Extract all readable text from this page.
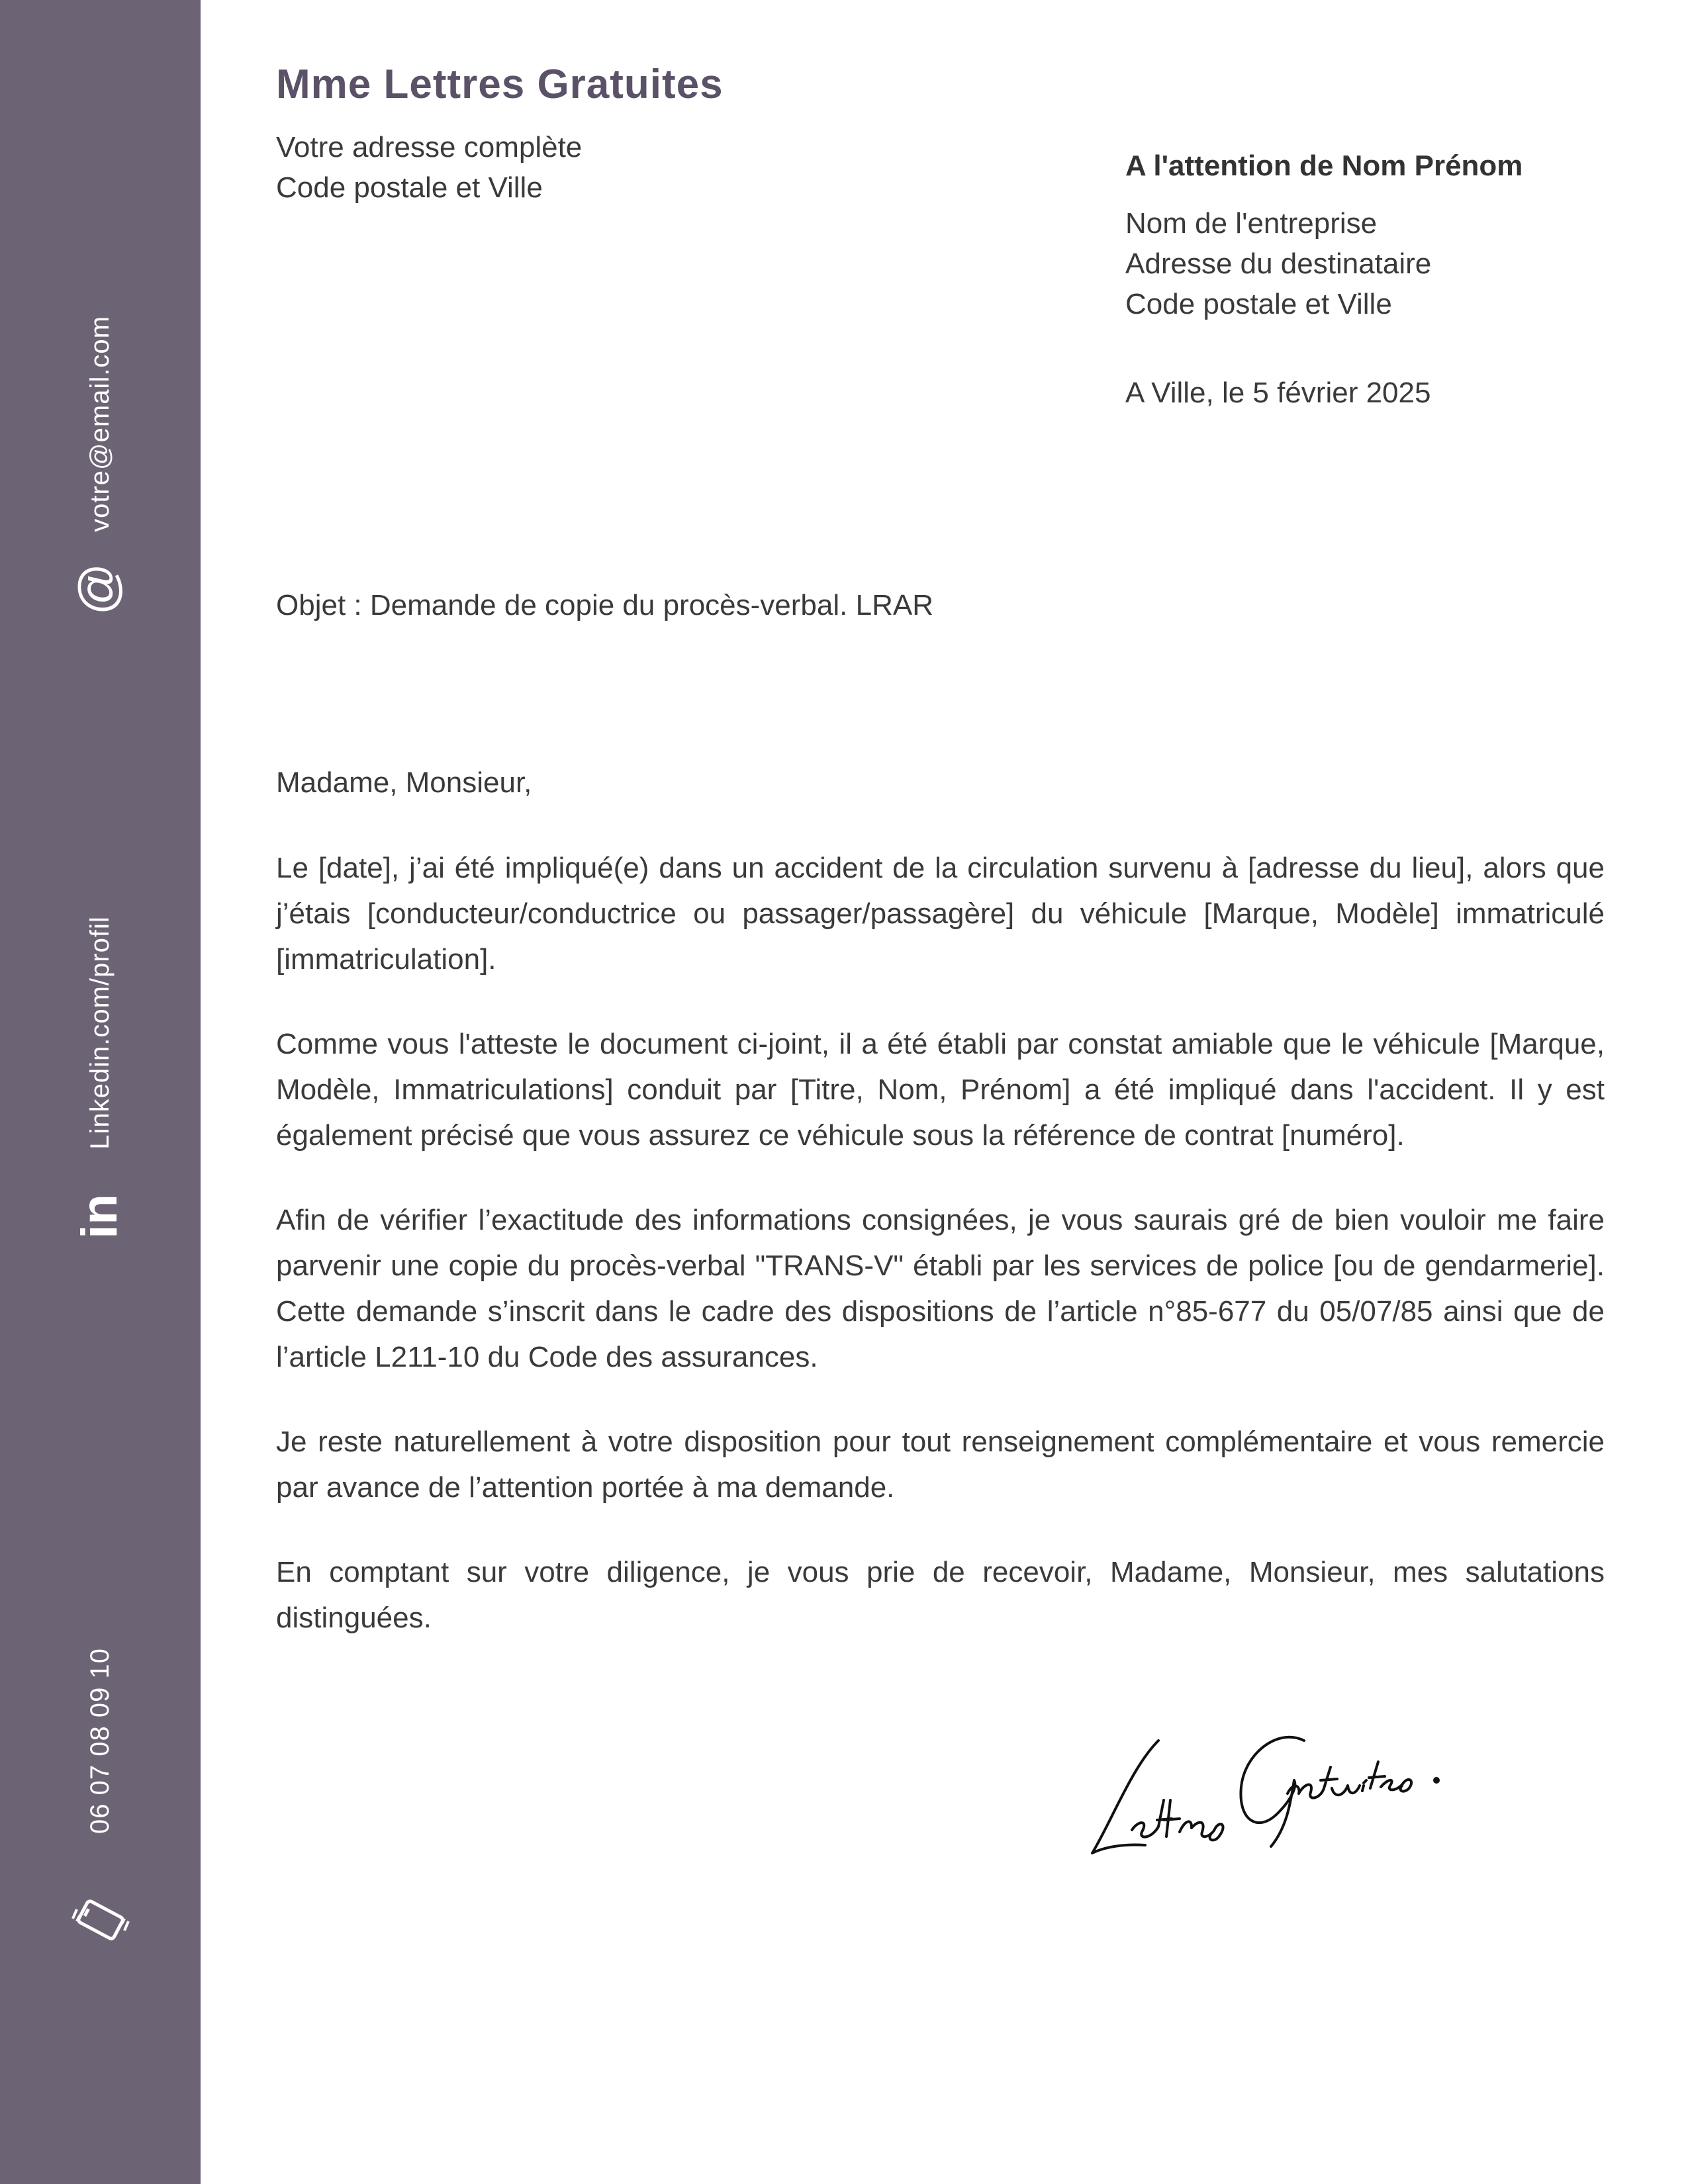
votre@email.com
@
Linkedin.com/profil
in
06 07 08 09 10
Mme Lettres Gratuites
Votre adresse complète
Code postale et Ville
A l'attention de Nom Prénom
Nom de l'entreprise
Adresse du destinataire
Code postale et Ville
A Ville, le 5 février 2025
Objet : Demande de copie du procès-verbal. LRAR

Madame, Monsieur,

Le [date], j’ai été impliqué(e) dans un accident de la circulation survenu à [adresse du lieu], alors que j’étais [conducteur/conductrice ou passager/passagère] du véhicule [Marque, Modèle] immatriculé [immatriculation].

Comme vous l'atteste le document ci-joint, il a été établi par constat amiable que le véhicule [Marque, Modèle, Immatriculations] conduit par [Titre, Nom, Prénom] a été impliqué dans l'accident. Il y est également précisé que vous assurez ce véhicule sous la référence de contrat [numéro].

Afin de vérifier l’exactitude des informations consignées, je vous saurais gré de bien vouloir me faire parvenir une copie du procès-verbal "TRANS-V" établi par les services de police [ou de gendarmerie]. Cette demande s’inscrit dans le cadre des dispositions de l’article n°85-677 du 05/07/85 ainsi que de l’article L211-10 du Code des assurances.

Je reste naturellement à votre disposition pour tout renseignement complémentaire et vous remercie par avance de l’attention portée à ma demande.

En comptant sur votre diligence, je vous prie de recevoir, Madame, Monsieur, mes salutations distinguées.
